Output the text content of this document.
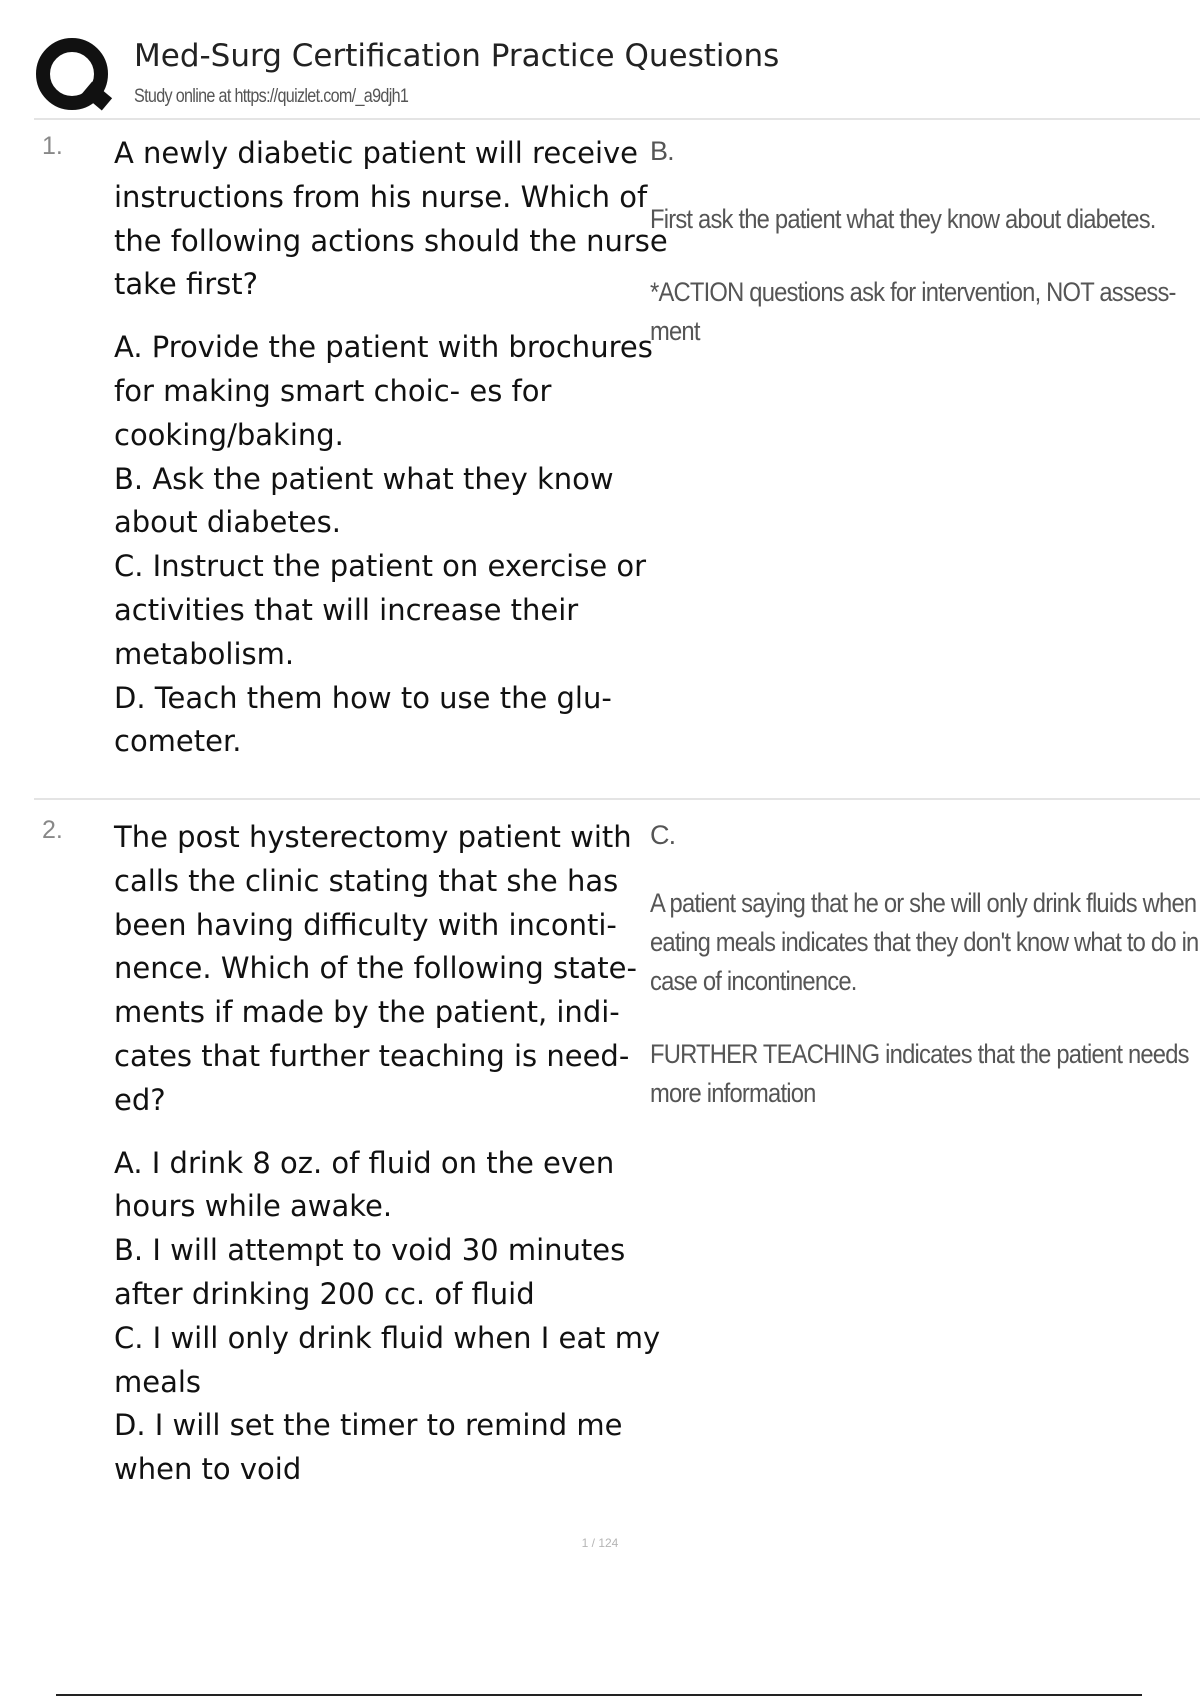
Med-Surg Certification Practice Questions
Study online at https://quizlet.com/_a9djh1
1. A newly diabetic patient will receive instructions from his nurse. Which of the following actions should the nurse take first?

A. Provide the patient with brochures for making smart choic- es for cooking/baking.

B. Ask the patient what they know about diabetes.

C. Instruct the patient on exercise or activities that will increase their metabolism.

D. Teach them how to use the glu- cometer.

B.

First ask the patient what they know about diabetes.

*ACTION questions ask for intervention, NOT assess- ment

2. The post hysterectomy patient with calls the clinic stating that she has been having difficulty with inconti- nence. Which of the following state- ments if made by the patient, indi- cates that further teaching is need- ed?

A. I drink 8 oz. of fluid on the even hours while awake.

B. I will attempt to void 30 minutes after drinking 200 cc. of fluid

C. I will only drink fluid when I eat my meals

D. I will set the timer to remind me when to void

C.

A patient saying that he or she will only drink fluids when eating meals indicates that they don't know what to do in case of incontinence.

FURTHER TEACHING indicates that the patient needs more information

1 / 124
